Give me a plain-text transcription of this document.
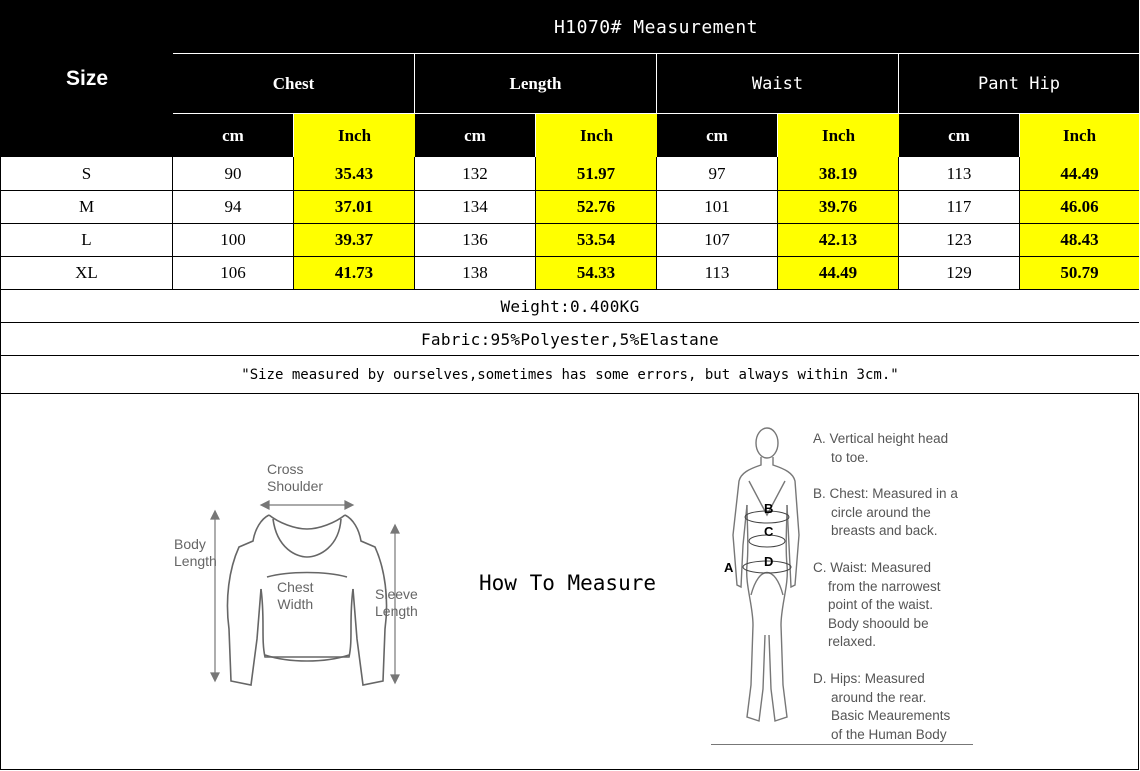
Size
H1070# Measurement
Chest	Length	Waist	Pant Hip
cm	Inch	cm	Inch	cm	Inch	cm	Inch
Weight:0.400KG
Fabric:95%Polyester,5%Elastane
"Size measured by ourselves,sometimes has some errors, but always within 3cm."
Cross
Shoulder
Body
Length
Chest
Width
Sleeve
Length
How To Measure
B
C
D
A
A. Vertical height head
to toe.
B. Chest: Measured in a
circle around the
breasts and back.
C. Waist: Measured
from the narrowest
point of the waist.
Body shoould be
relaxed.
D. Hips: Measured
around the rear.
Basic Meaurements
of the Human Body
S	90	35.43	132	51.97	97	38.19	113	44.49
M	94	37.01	134	52.76	101	39.76	117	46.06
L	100	39.37	136	53.54	107	42.13	123	48.43
XL	106	41.73	138	54.33	113	44.49	129	50.79
